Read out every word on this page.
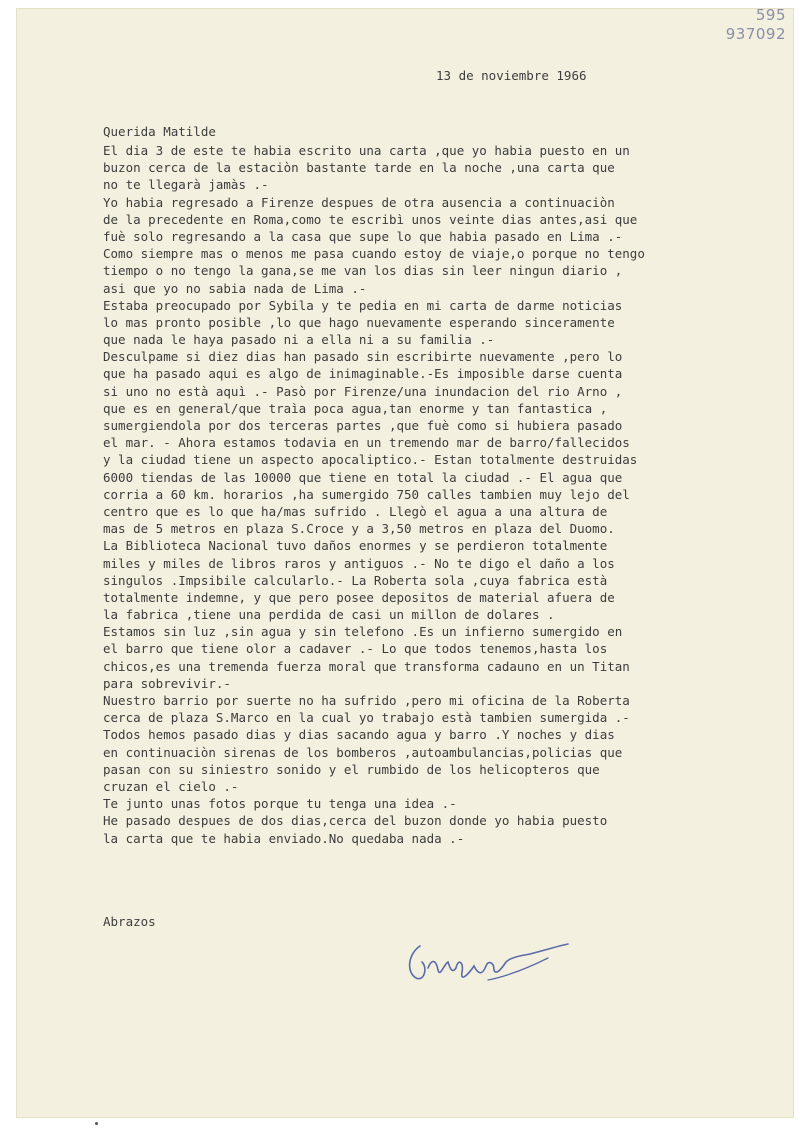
595
937092
13 de noviembre 1966
Querida Matilde
El dia 3 de este te habia escrito una carta ,que yo habia puesto en un
buzon cerca de la estaciòn bastante tarde en la noche ,una carta que
no te llegarà jamàs .-
Yo habia regresado a Firenze despues de otra ausencia a continuaciòn
de la precedente en Roma,como te escribì unos veinte dias antes,asi que
fuè solo regresando a la casa que supe lo que habia pasado en Lima .-
Como siempre mas o menos me pasa cuando estoy de viaje,o porque no tengo
tiempo o no tengo la gana,se me van los dias sin leer ningun diario ,
asi que yo no sabia nada de Lima .-
Estaba preocupado por Sybila y te pedia en mi carta de darme noticias
lo mas pronto posible ,lo que hago nuevamente esperando sinceramente
que nada le haya pasado ni a ella ni a su familia .-
Desculpame si diez dias han pasado sin escribirte nuevamente ,pero lo
que ha pasado aqui es algo de inimaginable.-Es imposible darse cuenta
si uno no està aquì .- Pasò por Firenze/una inundacion del rio Arno ,
que es en general/que traìa poca agua,tan enorme y tan fantastica ,
sumergiendola por dos terceras partes ,que fuè como si hubiera pasado
el mar. - Ahora estamos todavia en un tremendo mar de barro/fallecidos
y la ciudad tiene un aspecto apocaliptico.- Estan totalmente destruidas
6000 tiendas de las 10000 que tiene en total la ciudad .- El agua que
corria a 60 km. horarios ,ha sumergido 750 calles tambien muy lejo del
centro que es lo que ha/mas sufrido . Llegò el agua a una altura de
mas de 5 metros en plaza S.Croce y a 3,50 metros en plaza del Duomo.
La Biblioteca Nacional tuvo daños enormes y se perdieron totalmente
miles y miles de libros raros y antiguos .- No te digo el daño a los
singulos .Impsibile calcularlo.- La Roberta sola ,cuya fabrica està
totalmente indemne, y que pero posee depositos de material afuera de
la fabrica ,tiene una perdida de casi un millon de dolares .
Estamos sin luz ,sin agua y sin telefono .Es un infierno sumergido en
el barro que tiene olor a cadaver .- Lo que todos tenemos,hasta los
chicos,es una tremenda fuerza moral que transforma cadauno en un Titan
para sobrevivir.-
Nuestro barrio por suerte no ha sufrido ,pero mi oficina de la Roberta
cerca de plaza S.Marco en la cual yo trabajo està tambien sumergida .-
Todos hemos pasado dias y dias sacando agua y barro .Y noches y dias
en continuaciòn sirenas de los bomberos ,autoambulancias,policias que
pasan con su siniestro sonido y el rumbido de los helicopteros que
cruzan el cielo .-
Te junto unas fotos porque tu tenga una idea .-
He pasado despues de dos dias,cerca del buzon donde yo habia puesto
la carta que te habia enviado.No quedaba nada .-
Abrazos
